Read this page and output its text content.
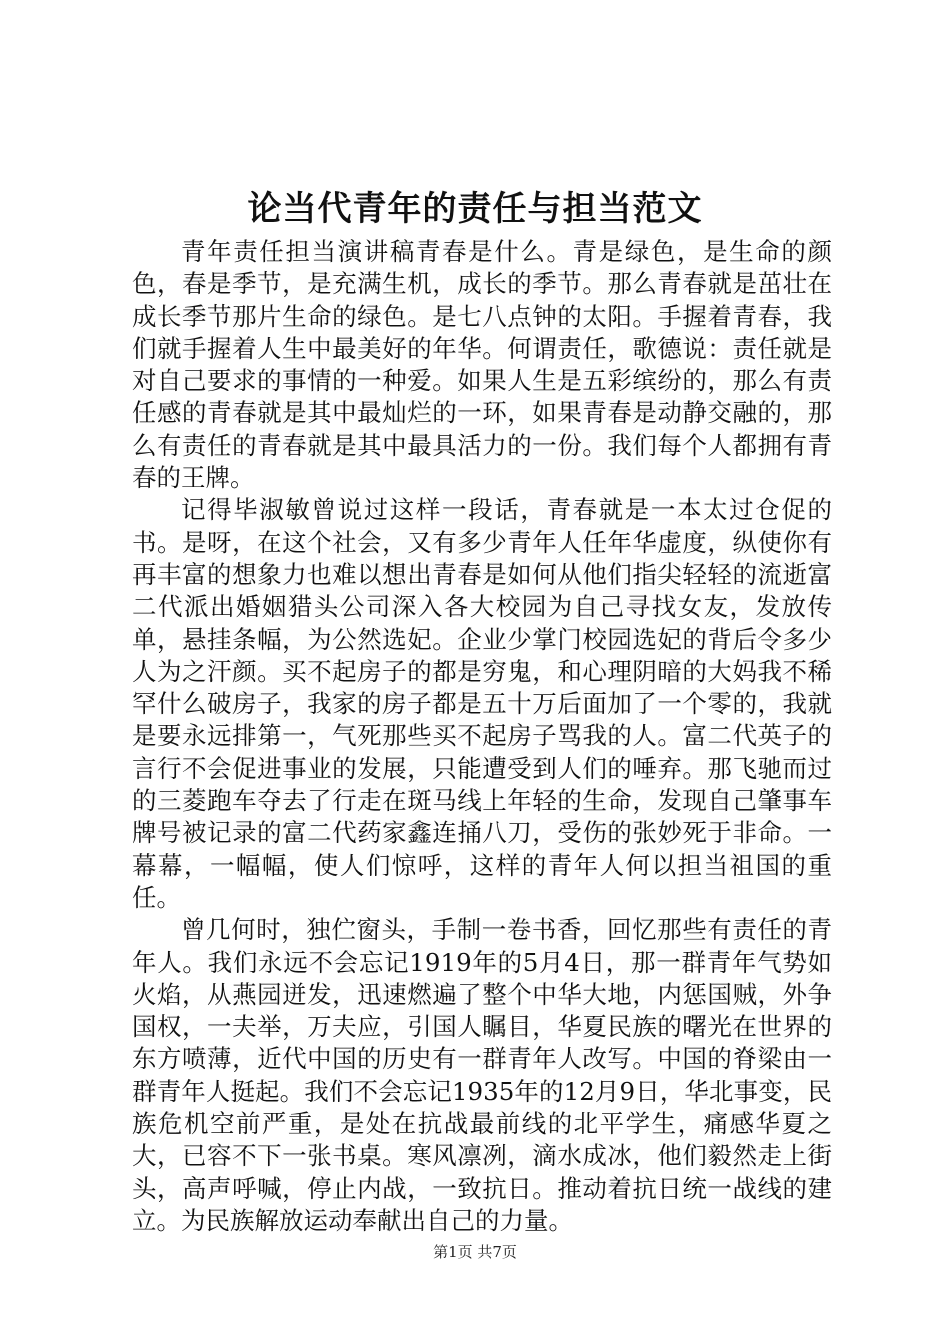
论当代青年的责任与担当范文

青年责任担当演讲稿青春是什么。青是绿色，是生命的颜色，春是季节，是充满生机，成长的季节。那么青春就是茁壮在成长季节那片生命的绿色。是七八点钟的太阳。手握着青春，我们就手握着人生中最美好的年华。何谓责任，歌德说：责任就是对自己要求的事情的一种爱。如果人生是五彩缤纷的，那么有责任感的青春就是其中最灿烂的一环，如果青春是动静交融的，那么有责任的青春就是其中最具活力的一份。我们每个人都拥有青春的王牌。

记得毕淑敏曾说过这样一段话，青春就是一本太过仓促的书。是呀，在这个社会，又有多少青年人任年华虚度，纵使你有再丰富的想象力也难以想出青春是如何从他们指尖轻轻的流逝富二代派出婚姻猎头公司深入各大校园为自己寻找女友，发放传单，悬挂条幅，为公然选妃。企业少掌门校园选妃的背后令多少人为之汗颜。买不起房子的都是穷鬼，和心理阴暗的大妈我不稀罕什么破房子，我家的房子都是五十万后面加了一个零的，我就是要永远排第一，气死那些买不起房子骂我的人。富二代英子的言行不会促进事业的发展，只能遭受到人们的唾弃。那飞驰而过的三菱跑车夺去了行走在斑马线上年轻的生命，发现自己肇事车牌号被记录的富二代药家鑫连捅八刀，受伤的张妙死于非命。一幕幕，一幅幅，使人们惊呼，这样的青年人何以担当祖国的重任。

曾几何时，独伫窗头，手制一卷书香，回忆那些有责任的青年人。我们永远不会忘记1919年的5月4日，那一群青年气势如火焰，从燕园迸发，迅速燃遍了整个中华大地，内惩国贼，外争国权，一夫举，万夫应，引国人瞩目，华夏民族的曙光在世界的东方喷薄，近代中国的历史有一群青年人改写。中国的脊梁由一群青年人挺起。我们不会忘记1935年的12月9日，华北事变，民族危机空前严重，是处在抗战最前线的北平学生，痛感华夏之大，已容不下一张书桌。寒风凛冽，滴水成冰，他们毅然走上街头，高声呼喊，停止内战，一致抗日。推动着抗日统一战线的建立。为民族解放运动奉献出自己的力量。

第1页 共7页
